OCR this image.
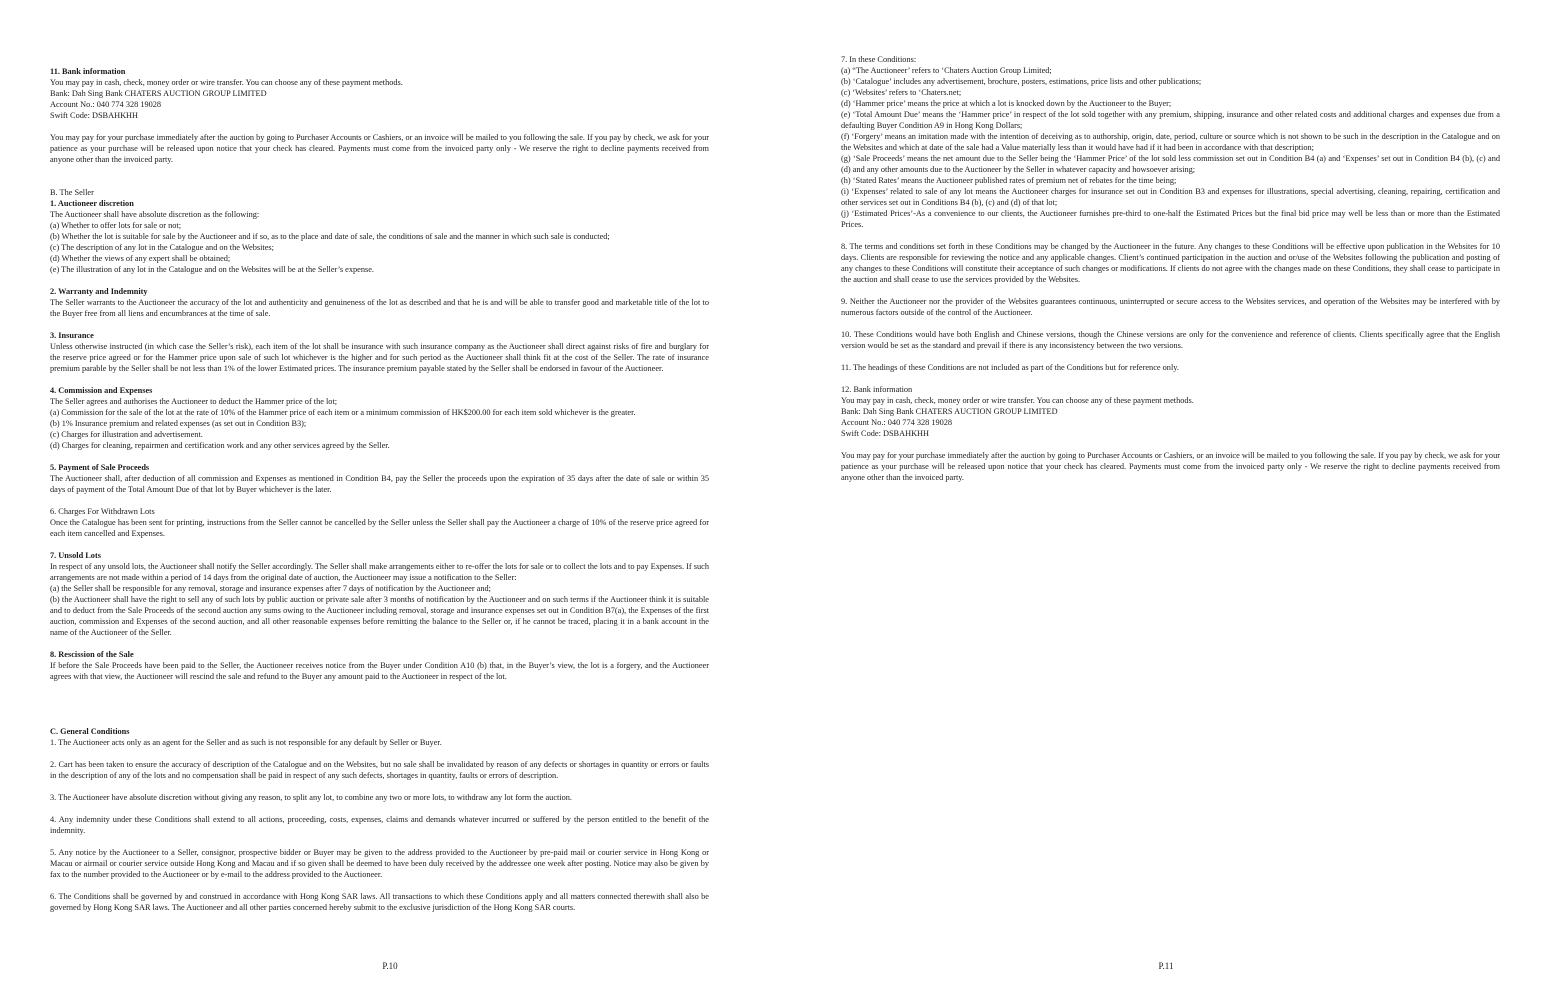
11. Bank information
You may pay in cash, check, money order or wire transfer. You can choose any of these payment methods.
Bank: Dah Sing Bank CHATERS AUCTION GROUP LIMITED
Account No.: 040 774 328 19028
Swift Code: DSBAHKHH

You may pay for your purchase immediately after the auction by going to Purchaser Accounts or Cashiers, or an invoice will be mailed to you following the sale. If you pay by check, we ask for your patience as your purchase will be released upon notice that your check has cleared. Payments must come from the invoiced party only - We reserve the right to decline payments received from anyone other than the invoiced party.

B. The Seller
1. Auctioneer discretion
The Auctioneer shall have absolute discretion as the following:
(a) Whether to offer lots for sale or not;
(b) Whether the lot is suitable for sale by the Auctioneer and if so, as to the place and date of sale, the conditions of sale and the manner in which such sale is conducted;
(c) The description of any lot in the Catalogue and on the Websites;
(d) Whether the views of any expert shall be obtained;
(e) The illustration of any lot in the Catalogue and on the Websites will be at the Seller’s expense.
2. Warranty and Indemnity

The Seller warrants to the Auctioneer the accuracy of the lot and authenticity and genuineness of the lot as described and that he is and will be able to transfer good and marketable title of the lot to the Buyer free from all liens and encumbrances at the time of sale.

3. Insurance

Unless otherwise instructed (in which case the Seller’s risk), each item of the lot shall be insurance with such insurance company as the Auctioneer shall direct against risks of fire and burglary for the reserve price agreed or for the Hammer price upon sale of such lot whichever is the higher and for such period as the Auctioneer shall think fit at the cost of the Seller. The rate of insurance premium parable by the Seller shall be not less than 1% of the lower Estimated prices. The insurance premium payable stated by the Seller shall be endorsed in favour of the Auctioneer.

4. Commission and Expenses
The Seller agrees and authorises the Auctioneer to deduct the Hammer price of the lot;
(a) Commission for the sale of the lot at the rate of 10% of the Hammer price of each item or a minimum commission of HK$200.00 for each item sold whichever is the greater.
(b) 1% Insurance premium and related expenses (as set out in Condition B3);
(c) Charges for illustration and advertisement.
(d) Charges for cleaning, repairmen and certification work and any other services agreed by the Seller.
5. Payment of Sale Proceeds

The Auctioneer shall, after deduction of all commission and Expenses as mentioned in Condition B4, pay the Seller the proceeds upon the expiration of 35 days after the date of sale or within 35 days of payment of the Total Amount Due of that lot by Buyer whichever is the later.

6. Charges For Withdrawn Lots

Once the Catalogue has been sent for printing, instructions from the Seller cannot be cancelled by the Seller unless the Seller shall pay the Auctioneer a charge of 10% of the reserve price agreed for each item cancelled and Expenses.

7. Unsold Lots

In respect of any unsold lots, the Auctioneer shall notify the Seller accordingly. The Seller shall make arrangements either to re-offer the lots for sale or to collect the lots and to pay Expenses. If such arrangements are not made within a period of 14 days from the original date of auction, the Auctioneer may issue a notification to the Seller:

(a) the Seller shall be responsible for any removal, storage and insurance expenses after 7 days of notification by the Auctioneer and;

(b) the Auctioneer shall have the right to sell any of such lots by public auction or private sale after 3 months of notification by the Auctioneer and on such terms if the Auctioneer think it is suitable and to deduct from the Sale Proceeds of the second auction any sums owing to the Auctioneer including removal, storage and insurance expenses set out in Condition B7(a), the Expenses of the first auction, commission and Expenses of the second auction, and all other reasonable expenses before remitting the balance to the Seller or, if he cannot be traced, placing it in a bank account in the name of the Auctioneer of the Seller.

8. Rescission of the Sale

If before the Sale Proceeds have been paid to the Seller, the Auctioneer receives notice from the Buyer under Condition A10 (b) that, in the Buyer’s view, the lot is a forgery, and the Auctioneer agrees with that view, the Auctioneer will rescind the sale and refund to the Buyer any amount paid to the Auctioneer in respect of the lot.

C. General Conditions

1. The Auctioneer acts only as an agent for the Seller and as such is not responsible for any default by Seller or Buyer.

2. Cart has been taken to ensure the accuracy of description of the Catalogue and on the Websites, but no sale shall be invalidated by reason of any defects or shortages in quantity or errors or faults in the description of any of the lots and no compensation shall be paid in respect of any such defects, shortages in quantity, faults or errors of description.

3. The Auctioneer have absolute discretion without giving any reason, to split any lot, to combine any two or more lots, to withdraw any lot form the auction.

4. Any indemnity under these Conditions shall extend to all actions, proceeding, costs, expenses, claims and demands whatever incurred or suffered by the person entitled to the benefit of the indemnity.

5. Any notice by the Auctioneer to a Seller, consignor, prospective bidder or Buyer may be given to the address provided to the Auctioneer by pre-paid mail or courier service in Hong Kong or Macau or airmail or courier service outside Hong Kong and Macau and if so given shall be deemed to have been duly received by the addressee one week after posting. Notice may also be given by fax to the number provided to the Auctioneer or by e-mail to the address provided to the Auctioneer.

6. The Conditions shall be governed by and construed in accordance with Hong Kong SAR laws. All transactions to which these Conditions apply and all matters connected therewith shall also be governed by Hong Kong SAR laws. The Auctioneer and all other parties concerned hereby submit to the exclusive jurisdiction of the Hong Kong SAR courts.

P.10
7. In these Conditions:

(a) “The Auctioneer’ refers to ‘Chaters Auction Group Limited;

(b) ‘Catalogue’ includes any advertisement, brochure, posters, estimations, price lists and other publications;

(c) ‘Websites’ refers to ‘Chaters.net;

(d) ‘Hammer price’ means the price at which a lot is knocked down by the Auctioneer to the Buyer;

(e) ‘Total Amount Due’ means the ‘Hammer price’ in respect of the lot sold together with any premium, shipping, insurance and other related costs and additional charges and expenses due from a defaulting Buyer Condition A9 in Hong Kong Dollars;

(f) ‘Forgery’ means an imitation made with the intention of deceiving as to authorship, origin, date, period, culture or source which is not shown to be such in the description in the Catalogue and on the Websites and which at date of the sale had a Value materially less than it would have had if it had been in accordance with that description;

(g) ‘Sale Proceeds’ means the net amount due to the Seller being the ‘Hammer Price’ of the lot sold less commission set out in Condition B4 (a) and ‘Expenses’ set out in Condition B4 (b), (c) and (d) and any other amounts due to the Auctioneer by the Seller in whatever capacity and howsoever arising;

(h) ‘Stated Rates’ means the Auctioneer published rates of premium net of rebates for the time being;

(i) ‘Expenses’ related to sale of any lot means the Auctioneer charges for insurance set out in Condition B3 and expenses for illustrations, special advertising, cleaning, repairing, certification and other services set out in Conditions B4 (b), (c) and (d) of that lot;

(j) ‘Estimated Prices’-As a convenience to our clients, the Auctioneer furnishes pre-third to one-half the Estimated Prices but the final bid price may well be less than or more than the Estimated Prices.

8. The terms and conditions set forth in these Conditions may be changed by the Auctioneer in the future. Any changes to these Conditions will be effective upon publication in the Websites for 10 days. Clients are responsible for reviewing the notice and any applicable changes. Client’s continued participation in the auction and or/use of the Websites following the publication and posting of any changes to these Conditions will constitute their acceptance of such changes or modifications. If clients do not agree with the changes made on these Conditions, they shall cease to participate in the auction and shall cease to use the services provided by the Websites.

9. Neither the Auctioneer nor the provider of the Websites guarantees continuous, uninterrupted or secure access to the Websites services, and operation of the Websites may be interfered with by numerous factors outside of the control of the Auctioneer.

10. These Conditions would have both English and Chinese versions, though the Chinese versions are only for the convenience and reference of clients. Clients specifically agree that the English version would be set as the standard and prevail if there is any inconsistency between the two versions.

11. The headings of these Conditions are not included as part of the Conditions but for reference only.

12. Bank information
You may pay in cash, check, money order or wire transfer. You can choose any of these payment methods.
Bank: Dah Sing Bank CHATERS AUCTION GROUP LIMITED
Account No.: 040 774 328 19028
Swift Code: DSBAHKHH

You may pay for your purchase immediately after the auction by going to Purchaser Accounts or Cashiers, or an invoice will be mailed to you following the sale. If you pay by check, we ask for your patience as your purchase will be released upon notice that your check has cleared. Payments must come from the invoiced party only - We reserve the right to decline payments received from anyone other than the invoiced party.

P.11
